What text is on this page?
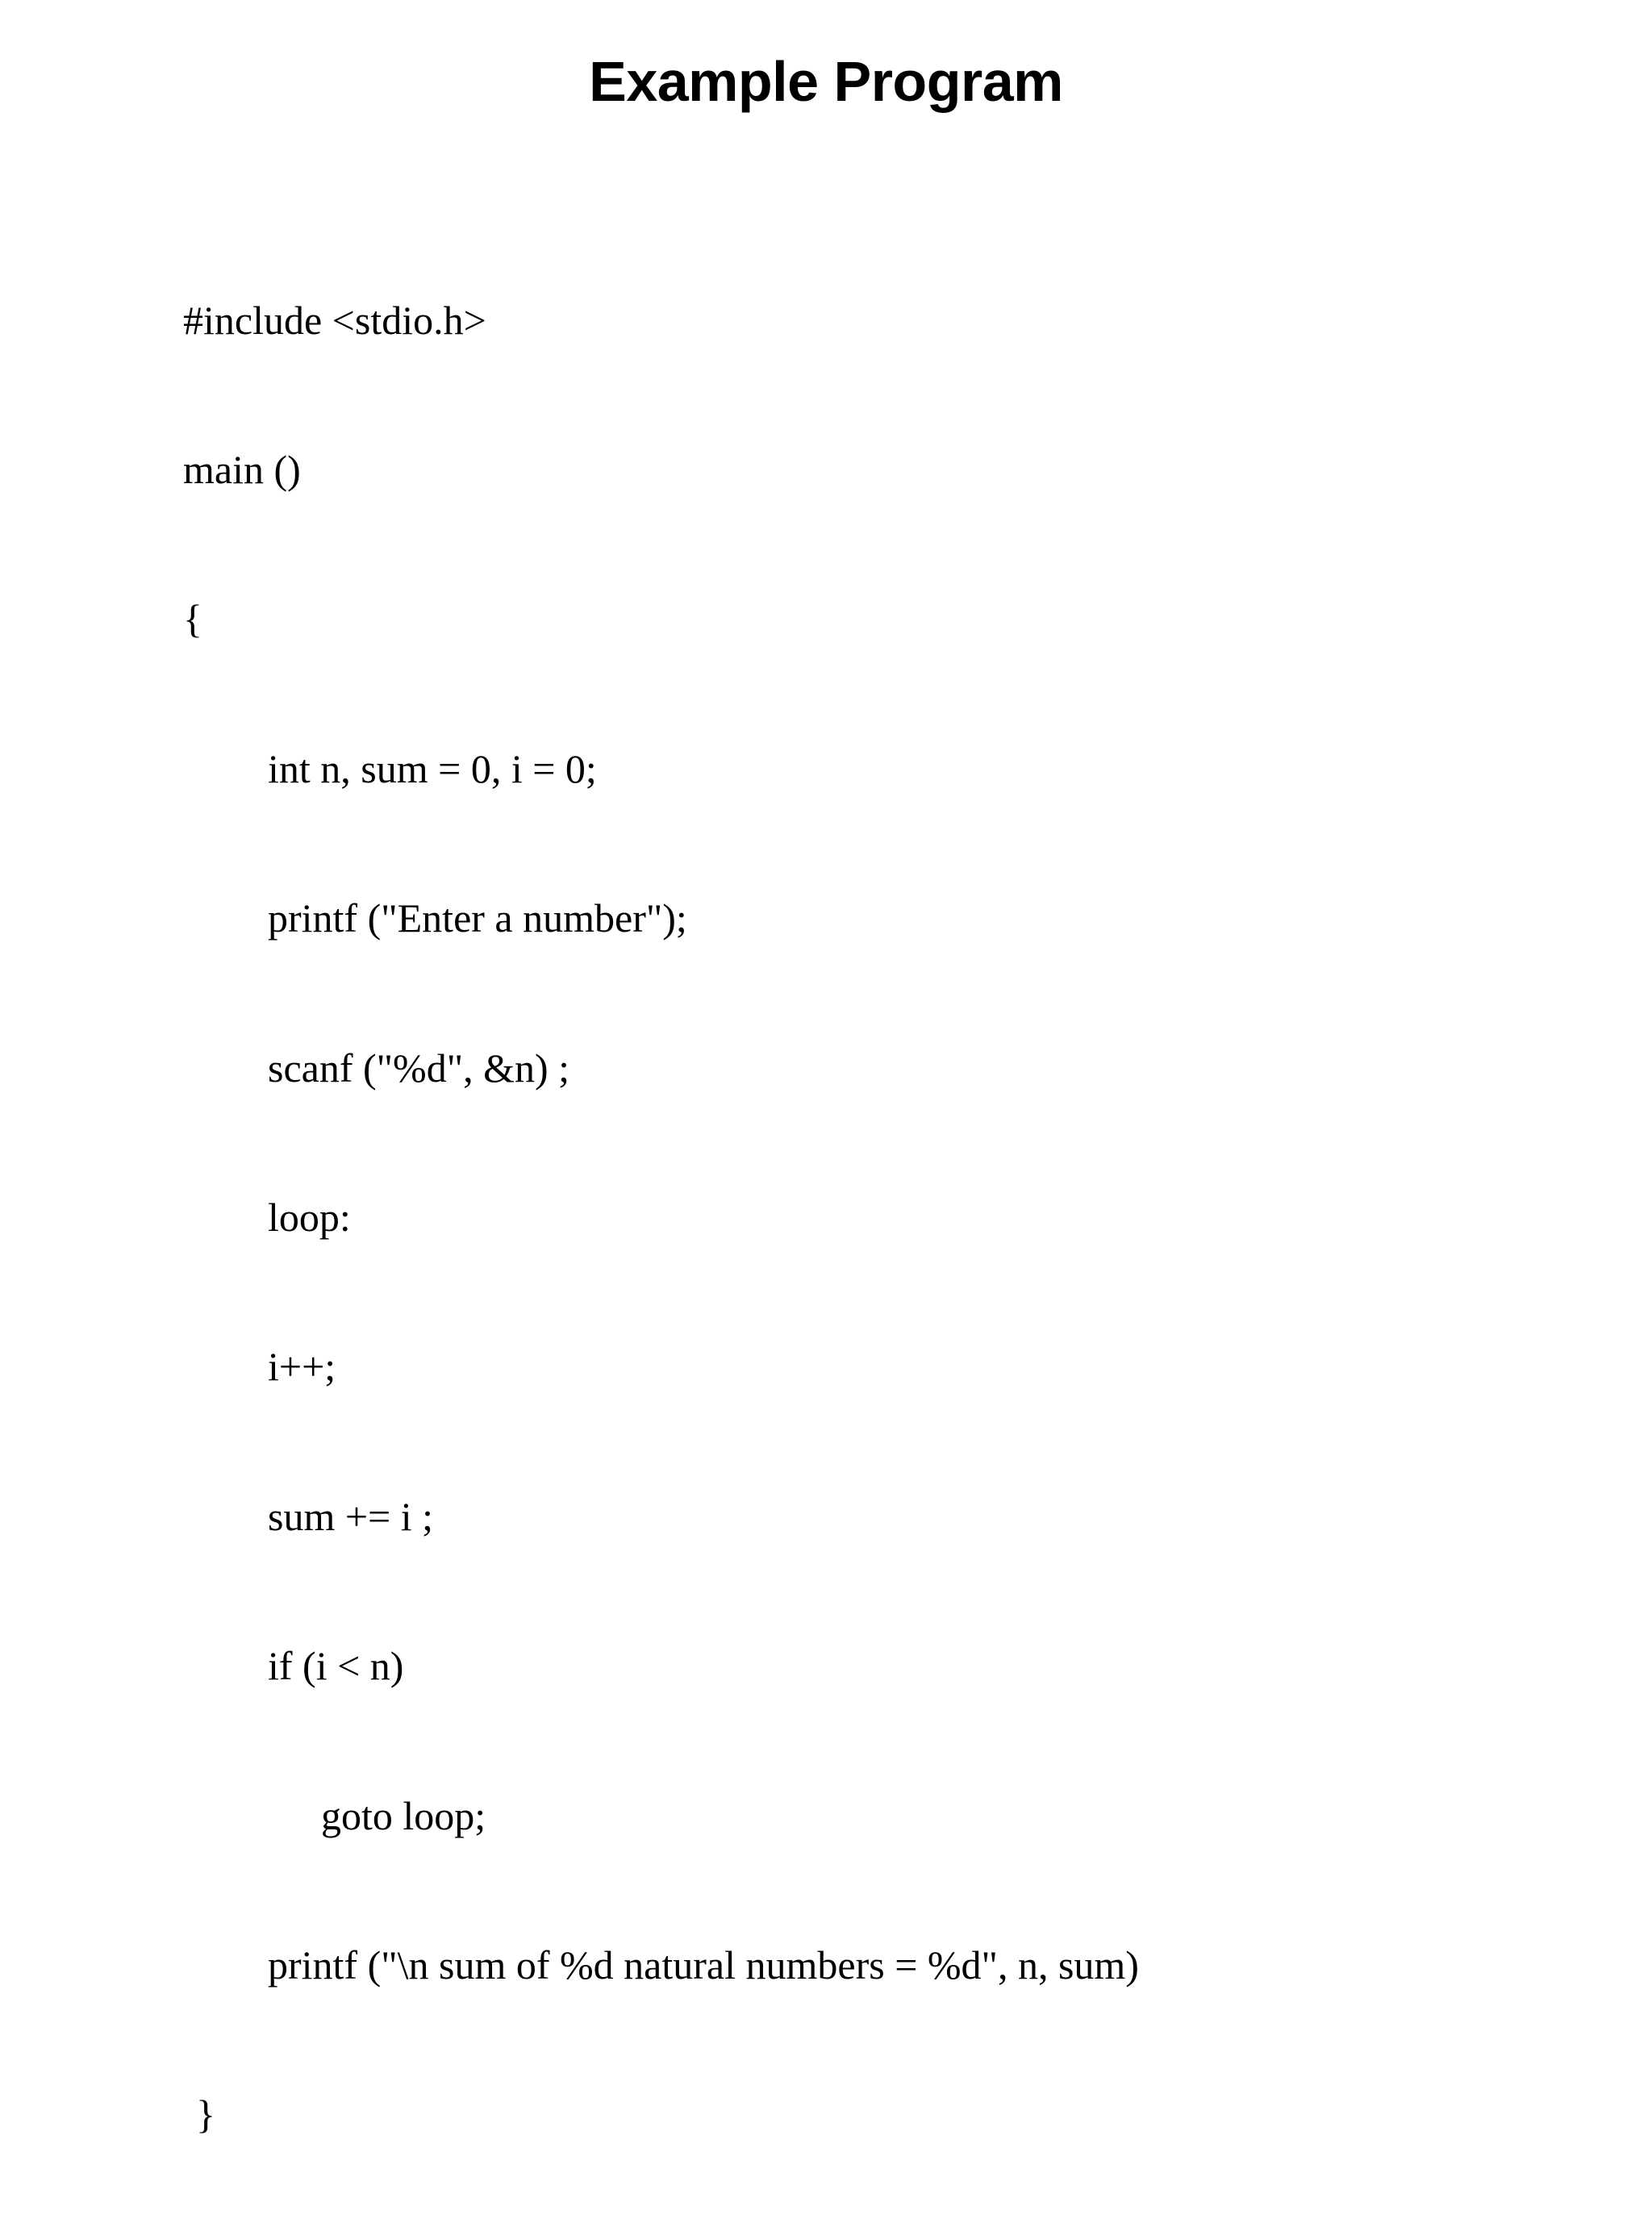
Example Program

#include <stdio.h>

main ()

{

int n, sum = 0, i = 0;

printf ("Enter a number");

scanf ("%d", &n) ;

loop:

i++;

sum += i ;

if (i < n)

goto loop;

printf ("\n sum of %d natural numbers = %d", n, sum)

}
